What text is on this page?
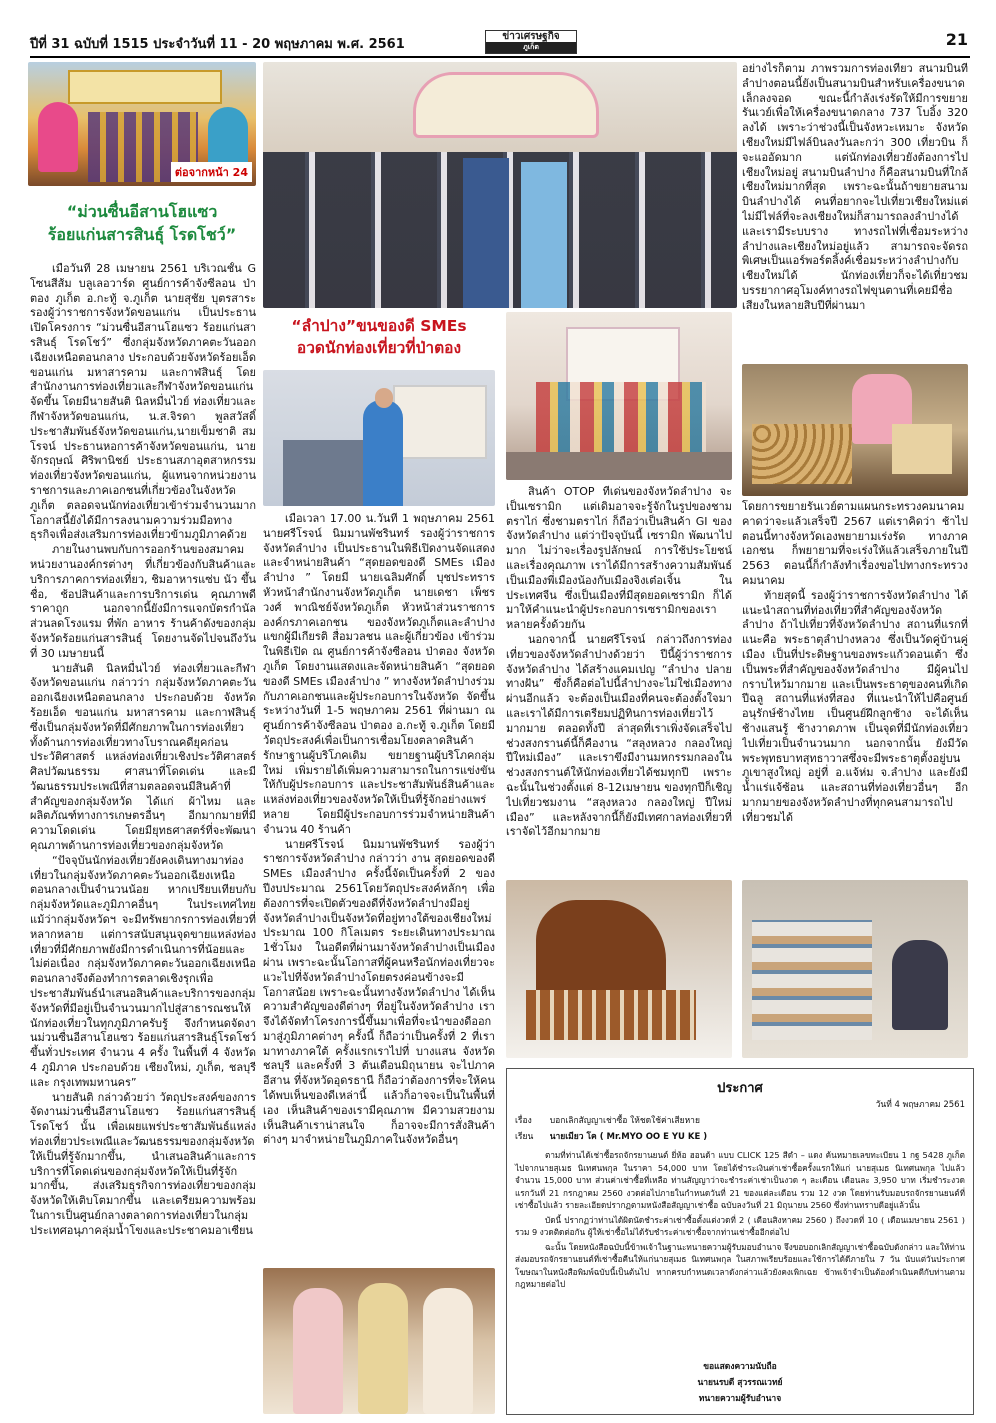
ปีที่ 31 ฉบับที่ 1515 ประจำวันที่ 11 - 20 พฤษภาคม พ.ศ. 2561
ข่าวเศรษฐกิจ
ภูเก็ต	21
ต่อจากหน้า 24
“ม่วนซื่นอีสานโฮแซว
ร้อยแก่นสารสินธุ์ โรดโชว์”
“ลำปาง”ขนของดี SMEs
อวดนักท่องเที่ยวที่ป่าตอง

เมื่อวันที่ 28 เมษายน 2561 บริเวณชั้น G โซนสีส้ม บลูเลอวาร์ด ศูนย์การค้าจังซีลอน ป่าตอง ภูเก็ต อ.กะทู้ จ.ภูเก็ต นายสุชัย บุตรสาระ รองผู้ว่าราชการจังหวัดขอนแก่น เป็นประธานเปิดโครงการ “ม่วนซื่นอีสานโฮแซว ร้อยแก่นสารสินธุ์ โรดโชว์” ซึ่งกลุ่มจังหวัดภาคตะวันออกเฉียงเหนือตอนกลาง ประกอบด้วยจังหวัดร้อยเอ็ด ขอนแก่น มหาสารคาม และกาฬสินธุ์ โดยสำนักงานการท่องเที่ยวและกีฬาจังหวัดขอนแก่นจัดขึ้น โดยมีนายสันติ นิลหมื่นไวย์ ท่องเที่ยวและกีฬาจังหวัดขอนแก่น, น.ส.จิรดา พูลสวัสดิ์ ประชาสัมพันธ์จังหวัดขอนแก่น,นายเข็มชาติ สมโรจน์ ประธานหอการค้าจังหวัดขอนแก่น, นายจักรฤษณ์ ศิริพานิชย์ ประธานสภาอุตสาหกรรมท่องเที่ยวจังหวัดขอนแก่น, ผู้แทนจากหน่วยงานราชการและภาคเอกชนที่เกี่ยวข้องในจังหวัดภูเก็ต ตลอดจนนักท่องเที่ยวเข้าร่วมจำนวนมาก โอกาสนี้ยังได้มีการลงนามความร่วมมือทางธุรกิจเพื่อส่งเสริมการท่องเที่ยวข้ามภูมิภาคด้วย

ภายในงานพบกับการออกร้านของสมาคมหน่วยงานองค์กรต่างๆ ที่เกี่ยวข้องกับสินค้าและบริการภาคการท่องเที่ยว, ชิมอาหารแซ่บ นัว ขึ้นชื่อ, ช้อปสินค้าและการบริการเด่น คุณภาพดี ราคาถูก นอกจากนี้ยังมีการแจกบัตรกำนัล ส่วนลดโรงแรม ที่พัก อาหาร ร้านค้าดังของกลุ่มจังหวัดร้อยแก่นสารสินธุ์ โดยงานจัดไปจนถึงวันที่ 30 เมษายนนี้

นายสันติ นิลหมื่นไวย์ ท่องเที่ยวและกีฬาจังหวัดขอนแก่น กล่าวว่า กลุ่มจังหวัดภาคตะวันออกเฉียงเหนือตอนกลาง ประกอบด้วย จังหวัดร้อยเอ็ด ขอนแก่น มหาสารคาม และกาฬสินธุ์ ซึ่งเป็นกลุ่มจังหวัดที่มีศักยภาพในการท่องเที่ยว ทั้งด้านการท่องเที่ยวทางโบราณคดียุคก่อนประวัติศาสตร์ แหล่งท่องเที่ยวเชิงประวัติศาสตร์ ศิลปวัฒนธรรม ศาสนาที่โดดเด่น และมีวัฒนธรรมประเพณีที่สามตลอดจนมีสินค้าที่สำคัญของกลุ่มจังหวัด ได้แก่ ผ้าไหม และผลิตภัณฑ์ทางการเกษตรอื่นๆ อีกมากมายที่มีความโดดเด่น โดยมียุทธศาสตร์ที่จะพัฒนาคุณภาพด้านการท่องเที่ยวของกลุ่มจังหวัด

“ปัจจุบันนักท่องเที่ยวยังคงเดินทางมาท่องเที่ยวในกลุ่มจังหวัดภาคตะวันออกเฉียงเหนือตอนกลางเป็นจำนวนน้อย หากเปรียบเทียบกับกลุ่มจังหวัดและภูมิภาคอื่นๆ ในประเทศไทย แม้ว่ากลุ่มจังหวัดฯ จะมีทรัพยากรการท่องเที่ยวที่หลากหลาย แต่การสนับสนุนจุดขายแหล่งท่องเที่ยวที่มีศักยภาพยังมีการดำเนินการที่น้อยและไม่ต่อเนื่อง กลุ่มจังหวัดภาคตะวันออกเฉียงเหนือตอนกลางจึงต้องทำการตลาดเชิงรุกเพื่อประชาสัมพันธ์นำเสนอสินค้าและบริการของกลุ่มจังหวัดที่มีอยู่เป็นจำนวนมากไปสู่สาธารณชนให้นักท่องเที่ยวในทุกภูมิภาครับรู้ จึงกำหนดจัดงานม่วนซื่นอีสานโฮแซว ร้อยแก่นสารสินธุ์โรดโชว์ขึ้นทั่วประเทศ จำนวน 4 ครั้ง ในพื้นที่ 4 จังหวัด 4 ภูมิภาค ประกอบด้วย เชียงใหม่, ภูเก็ต, ชลบุรี และ กรุงเทพมหานคร”

นายสันติ กล่าวด้วยว่า วัตถุประสงค์ของการจัดงานม่วนซื่นอีสานโฮแซว ร้อยแก่นสารสินธุ์ โรดโชว์ นั้น เพื่อเผยแพร่ประชาสัมพันธ์แหล่งท่องเที่ยวประเพณีและวัฒนธรรมของกลุ่มจังหวัดให้เป็นที่รู้จักมากขึ้น, นำเสนอสินค้าและการบริการที่โดดเด่นของกลุ่มจังหวัดให้เป็นที่รู้จักมากขึ้น, ส่งเสริมธุรกิจการท่องเที่ยวของกลุ่มจังหวัดให้เติบโตมากขึ้น และเตรียมความพร้อมในการเป็นศูนย์กลางตลาดการท่องเที่ยวในกลุ่มประเทศอนุภาคลุ่มน้ำโขงและประชาคมอาเซียน

เมื่อเวลา 17.00 น.วันที่ 1 พฤษภาคม 2561 นายศรีโรจน์ นิมมานพัชรินทร์ รองผู้ว่าราชการจังหวัดลำปาง เป็นประธานในพิธีเปิดงานจัดแสดงและจำหน่ายสินค้า “สุดยอดของดี SMEs เมืองลำปาง ” โดยมี นายเฉลิมศักดิ์ บุชประทราร หัวหน้าสำนักงานจังหวัดภูเก็ต นายเดชา เพ็ชรวงศ์ พาณิชย์จังหวัดภูเก็ต หัวหน้าส่วนราชการ องค์กรภาคเอกชน ของจังหวัดภูเก็ตและลำปาง แขกผู้มีเกียรติ สื่อมวลชน และผู้เกี่ยวข้อง เข้าร่วมในพิธีเปิด ณ ศูนย์การค้าจังซีลอน ป่าตอง จังหวัดภูเก็ต โดยงานแสดงและจัดหน่ายสินค้า “สุดยอดของดี SMEs เมืองลำปาง ” ทางจังหวัดลำปางร่วมกับภาคเอกชนและผู้ประกอบการในจังหวัด จัดขึ้น ระหว่างวันที่ 1-5 พฤษภาคม 2561 ที่ผ่านมา ณ ศูนย์การค้าจังซีลอน ป่าตอง อ.กะทู้ จ.ภูเก็ต โดยมีวัตถุประสงค์เพื่อเป็นการเชื่อมโยงตลาดสินค้า รักษาฐานผู้บริโภคเดิม ขยายฐานผู้บริโภคกลุ่มใหม่ เพิ่มรายได้เพิ่มความสามารถในการแข่งขันให้กับผู้ประกอบการ และประชาสัมพันธ์สินค้าและแหล่งท่องเที่ยวของจังหวัดให้เป็นที่รู้จักอย่างแพร่หลาย โดยมีผู้ประกอบการร่วมจำหน่ายสินค้า จำนวน 40 ร้านค้า

นายศรีโรจน์ นิมมานพัชรินทร์ รองผู้ว่าราชการจังหวัดลำปาง กล่าวว่า งาน สุดยอดของดี SMEs เมืองลำปาง ครั้งนี้จัดเป็นครั้งที่ 2 ของปีงบประมาณ 2561โดยวัตถุประสงค์หลักๆ เพื่อต้องการที่จะเปิดตัวของดีที่จังหวัดลำปางมีอยู่ จังหวัดลำปางเป็นจังหวัดที่อยู่ทางใต้ของเชียงใหม่ ประมาณ 100 กิโลเมตร ระยะเดินทางประมาณ 1ชั่วโมง ในอดีตที่ผ่านมาจังหวัดลำปางเป็นเมืองผ่าน เพราะฉะนั้นโอกาสที่ผู้คนหรือนักท่องเที่ยวจะแวะไปที่จังหวัดลำปางโดยตรงค่อนข้างจะมีโอกาสน้อย เพราะฉะนั้นทางจังหวัดลำปาง ได้เห็นความสำคัญของดีต่างๆ ที่อยู่ในจังหวัดลำปาง เราจึงได้จัดทำโครงการนี้ขึ้นมาเพื่อที่จะนำของดีออกมาสู่ภูมิภาคต่างๆ ครั้งนี้ ก็ถือว่าเป็นครั้งที่ 2 ที่เรามาทางภาคใต้ ครั้งแรกเราไปที่ บางแสน จังหวัดชลบุรี และครั้งที่ 3 ต้นเดือนมิถุนายน จะไปภาคอีสาน ที่จังหวัดอุดรธานี ก็ถือว่าต้องการที่จะให้คนได้พบเห็นของดีเหล่านี้ แล้วก็อาจจะเป็นในพื้นที่เอง เห็นสินค้าของเรามีคุณภาพ มีความสวยงาม เห็นสินค้าเราน่าสนใจ ก็อาจจะมีการสั่งสินค้าต่างๆ มาจำหน่ายในภูมิภาคในจังหวัดอื่นๆ

สินค้า OTOP ที่เด่นของจังหวัดลำปาง จะเป็นเซรามิก แต่เดิมอาจจะรู้จักในรูปของชามตราไก่ ซึ่งชามตราไก่ ก็ถือว่าเป็นสินค้า GI ของจังหวัดลำปาง แต่ว่าปัจจุบันนี้ เซรามิก พัฒนาไปมาก ไม่ว่าจะเรื่องรูปลักษณ์ การใช้ประโยชน์ และเรื่องคุณภาพ เราได้มีการสร้างความสัมพันธ์เป็นเมืองพี่เมืองน้องกับเมืองจิงเต๋อเจิ้น ในประเทศจีน ซึ่งเป็นเมืองที่มีสุดยอดเซรามิก ก็ได้มาให้คำแนะนำผู้ประกอบการเซรามิกของเรา หลายครั้งด้วยกัน

นอกจากนี้ นายศรีโรจน์ กล่าวถึงการท่องเที่ยวของจังหวัดลำปางด้วยว่า ปีนี้ผู้ว่าราชการจังหวัดลำปาง ได้สร้างแคมเปญ “ลำปาง ปลายทางฝัน” ซึ่งก็คือต่อไปนี้ลำปางจะไม่ใช่เมืองทางผ่านอีกแล้ว จะต้องเป็นเมืองที่คนจะต้องตั้งใจมา และเราได้มีการเตรียมปฏิทินการท่องเที่ยวไว้มากมาย ตลอดทั้งปี ล่าสุดที่เราเพิ่งจัดเสร็จไปช่วงสงกรานต์นี้ก็คืองาน “สลุงหลวง กลองใหญ่ ปีใหม่เมือง” และเราขึงมีงานมหกรรมกลองในช่วงสงกรานต์ให้นักท่องเที่ยวได้ชมทุกปี เพราะฉะนั้นในช่วงตั้งแต่ 8-12เมษายน ของทุกปีก็เชิญไปเที่ยวชมงาน “สลุงหลวง กลองใหญ่ ปีใหม่เมือง” และหลังจากนี้ก็ยังมีเทศกาลท่องเที่ยวที่เราจัดไว้อีกมากมาย

อย่างไรก็ตาม ภาพรวมการท่องเที่ยว สนามบินที่ลำปางตอนนี้ยังเป็นสนามบินสำหรับเครื่องขนาดเล็กลงจอด ขณะนี้กำลังเร่งรัดให้มีการขยายรันเวย์เพื่อให้เครื่องขนาดกลาง 737 โบอิ้ง 320 ลงได้ เพราะว่าช่วงนี้เป็นจังหวะเหมาะ จังหวัดเชียงใหม่มีไฟล์บินลงวันละกว่า 300 เที่ยวบิน ก็จะแออัดมาก แต่นักท่องเที่ยวยังต้องการไปเชียงใหม่อยู่ สนามบินลำปาง ก็คือสนามบินที่ใกล้เชียงใหม่มากที่สุด เพราะฉะนั้นถ้าขยายสนามบินลำปางได้ คนที่อยากจะไปเที่ยวเชียงใหม่แต่ไม่มีไฟล์ที่จะลงเชียงใหม่ก็สามารถลงลำปางได้ และเรามีระบบราง ทางรถไฟที่เชื่อมระหว่างลำปางและเชียงใหม่อยู่แล้ว สามารถจะจัดรถพิเศษเป็นแอร์พอร์ตลิ้งค์เชื่อมระหว่างลำปางกับเชียงใหม่ได้ นักท่องเที่ยวก็จะได้เที่ยวชมบรรยากาศอุโมงค์ทางรถไฟขุนตานที่เคยมีชื่อเสียงในหลายสิบปีที่ผ่านมา

โดยการขยายรันเวย์ตามแผนกระทรวงคมนาคม คาดว่าจะแล้วเสร็จปี 2567 แต่เราคิดว่า ช้าไปตอนนี้ทางจังหวัดเองพยายามเร่งรัด ทางภาคเอกชน ก็พยายามที่จะเร่งให้แล้วเสร็จภายในปี 2563 ตอนนี้ก็กำลังทำเรื่องขอไปทางกระทรวงคมนาคม

ท้ายสุดนี้ รองผู้ว่าราชการจังหวัดลำปาง ได้แนะนำสถานที่ท่องเที่ยวที่สำคัญของจังหวัดลำปาง ถ้าไปเที่ยวที่จังหวัดลำปาง สถานที่แรกที่แนะคือ พระธาตุลำปางหลวง ซึ่งเป็นวัดคู่บ้านคู่เมือง เป็นที่ประดิษฐานของพระแก้วดอนเต้า ซึ่งเป็นพระที่สำคัญของจังหวัดลำปาง มีผู้คนไปกราบไหว้มากมาย และเป็นพระธาตุของคนที่เกิดปีฉลู สถานที่แห่งที่สอง ที่แนะนำให้ไปคือศูนย์อนุรักษ์ช้างไทย เป็นศูนย์ฝึกลูกช้าง จะได้เห็นช้างแสนรู้ ช้างวาดภาพ เป็นจุดที่มีนักท่องเที่ยวไปเที่ยวเป็นจำนวนมาก นอกจากนั้น ยังมีวัดพระพุทธบาทสุทธาวาสซึ่งจะมีพระธาตุตั้งอยู่บนภูเขาสูงใหญ่ อยู่ที่ อ.แจ้ห่ม จ.ลำปาง และยังมีน้ำแร่แจ้ซ้อน และสถานที่ท่องเที่ยวอื่นๆ อีกมากมายของจังหวัดลำปางที่ทุกคนสามารถไปเที่ยวชมได้

ประกาศ
วันที่ 4 พฤษภาคม 2561
เรื่อง บอกเลิกสัญญาเช่าซื้อ ให้ชดใช้ค่าเสียหาย
เรียน นายเมียว โค ( Mr.MYO OO E YU KE )

ตามที่ท่านได้เช่าซื้อรถจักรยานยนต์ ยี่ห้อ ฮอนด้า แบบ CLICK 125 สีดำ – แดง ค้นหมายเลขทะเบียน 1 กฐ 5428 ภูเก็ต ไปจากนายสุเมธ นิเทศนพกุล ในราคา 54,000 บาท โดยได้ชำระเงินค่าเช่าซื้อครั้งแรกให้แก่ นายสุเมธ นิเทศนพกุล ไปแล้ว จำนวน 15,000 บาท ส่วนค่าเช่าซื้อที่เหลือ ท่านสัญญาว่าจะชำระค่าเช่าเป็นงวด ๆ ละเดือน เดือนละ 3,950 บาท เริ่มชำระงวดแรกวันที่ 21 กรกฎาคม 2560 งวดต่อไปภายในกำหนดวันที่ 21 ของแต่ละเดือน รวม 12 งวด โดยท่านรับมอบรถจักรยานยนต์ที่เช่าซื้อไปแล้ว รายละเอียดปรากฏตามหนังสือสัญญาเช่าซื้อ ฉบับลงวันที่ 21 มิถุนายน 2560 ซึ่งท่านทราบดีอยู่แล้วนั้น

บัดนี้ ปรากฏว่าท่านได้ผิดนัดชำระค่าเช่าซื้อตั้งแต่งวดที่ 2 ( เดือนสิงหาคม 2560 ) ถึงงวดที่ 10 ( เดือนเมษายน 2561 ) รวม 9 งวดติดต่อกัน ผู้ให้เช่าซื้อไม่ได้รับชำระค่าเช่าซื้อจากท่านเช่าซื้ออีกต่อไป

ฉะนั้น โดยหนังสือฉบับนี้ข้าพเจ้าในฐานะทนายความผู้รับมอบอำนาจ จึงขอบอกเลิกสัญญาเช่าซื้อฉบับดังกล่าว และให้ท่านส่งมอบรถจักรยานยนต์ที่เช่าซื้อคืนให้แก่นายสุเมธ นิเทศนพกุล ในสภาพเรียบร้อยและใช้การได้ดีภายใน 7 วัน นับแต่วันประกาศโฆษณาในหนังสือพิมพ์ฉบับนี้เป็นต้นไป หากครบกำหนดเวลาดังกล่าวแล้วยังคงเพิกเฉย ข้าพเจ้าจำเป็นต้องดำเนินคดีกับท่านตามกฎหมายต่อไป

ขอแสดงความนับถือ
นายนรบดี สุวรรณเวทย์
ทนายความผู้รับอำนาจ
